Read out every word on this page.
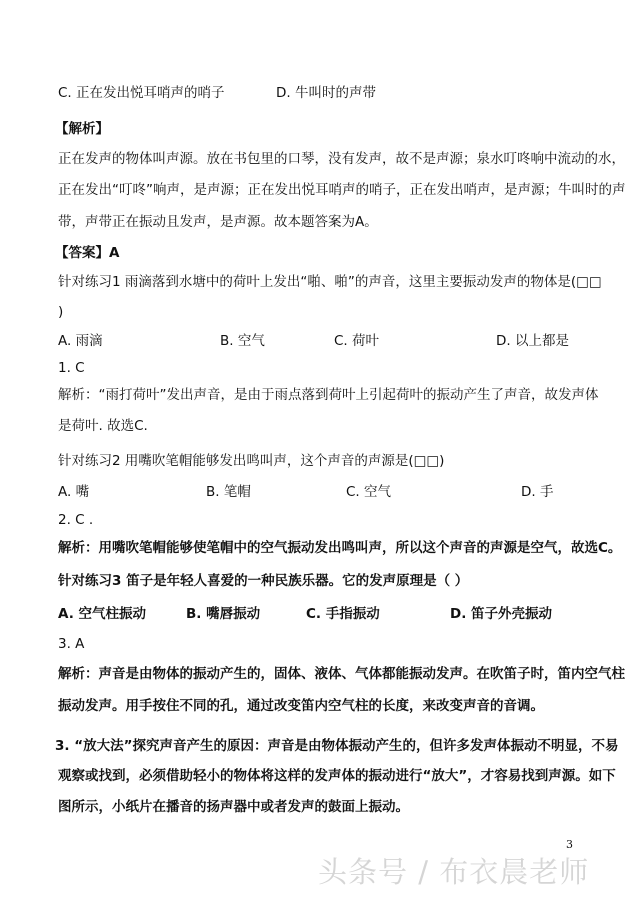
C. 正在发出悦耳哨声的哨子	D. 牛叫时的声带
【解析】
正在发声的物体叫声源。放在书包里的口琴，没有发声，故不是声源；泉水叮咚响中流动的水，
正在发出“叮咚”响声，是声源；正在发出悦耳哨声的哨子，正在发出哨声，是声源；牛叫时的声
带，声带正在振动且发声，是声源。故本题答案为A。
【答案】A
针对练习1 雨滴落到水塘中的荷叶上发出“啪、啪”的声音，这里主要振动发声的物体是(□□
)
A. 雨滴	B. 空气	C. 荷叶	D. 以上都是
1. C
解析：“雨打荷叶”发出声音，是由于雨点落到荷叶上引起荷叶的振动产生了声音，故发声体
是荷叶. 故选C.
针对练习2 用嘴吹笔帽能够发出鸣叫声，这个声音的声源是(□□)
A. 嘴	B. 笔帽	C. 空气	D. 手
2. C .
解析：用嘴吹笔帽能够使笔帽中的空气振动发出鸣叫声，所以这个声音的声源是空气，故选C。
针对练习3 笛子是年轻人喜爱的一种民族乐器。它的发声原理是（ ）
A. 空气柱振动	B. 嘴唇振动	C. 手指振动	D. 笛子外壳振动
3. A
解析：声音是由物体的振动产生的，固体、液体、气体都能振动发声。在吹笛子时，笛内空气柱
振动发声。用手按住不同的孔，通过改变笛内空气柱的长度，来改变声音的音调。
3. “放大法”探究声音产生的原因：声音是由物体振动产生的，但许多发声体振动不明显，不易
观察或找到，必须借助轻小的物体将这样的发声体的振动进行“放大”，才容易找到声源。如下
图所示，小纸片在播音的扬声器中或者发声的鼓面上振动。
3
头条号 / 布衣晨老师
